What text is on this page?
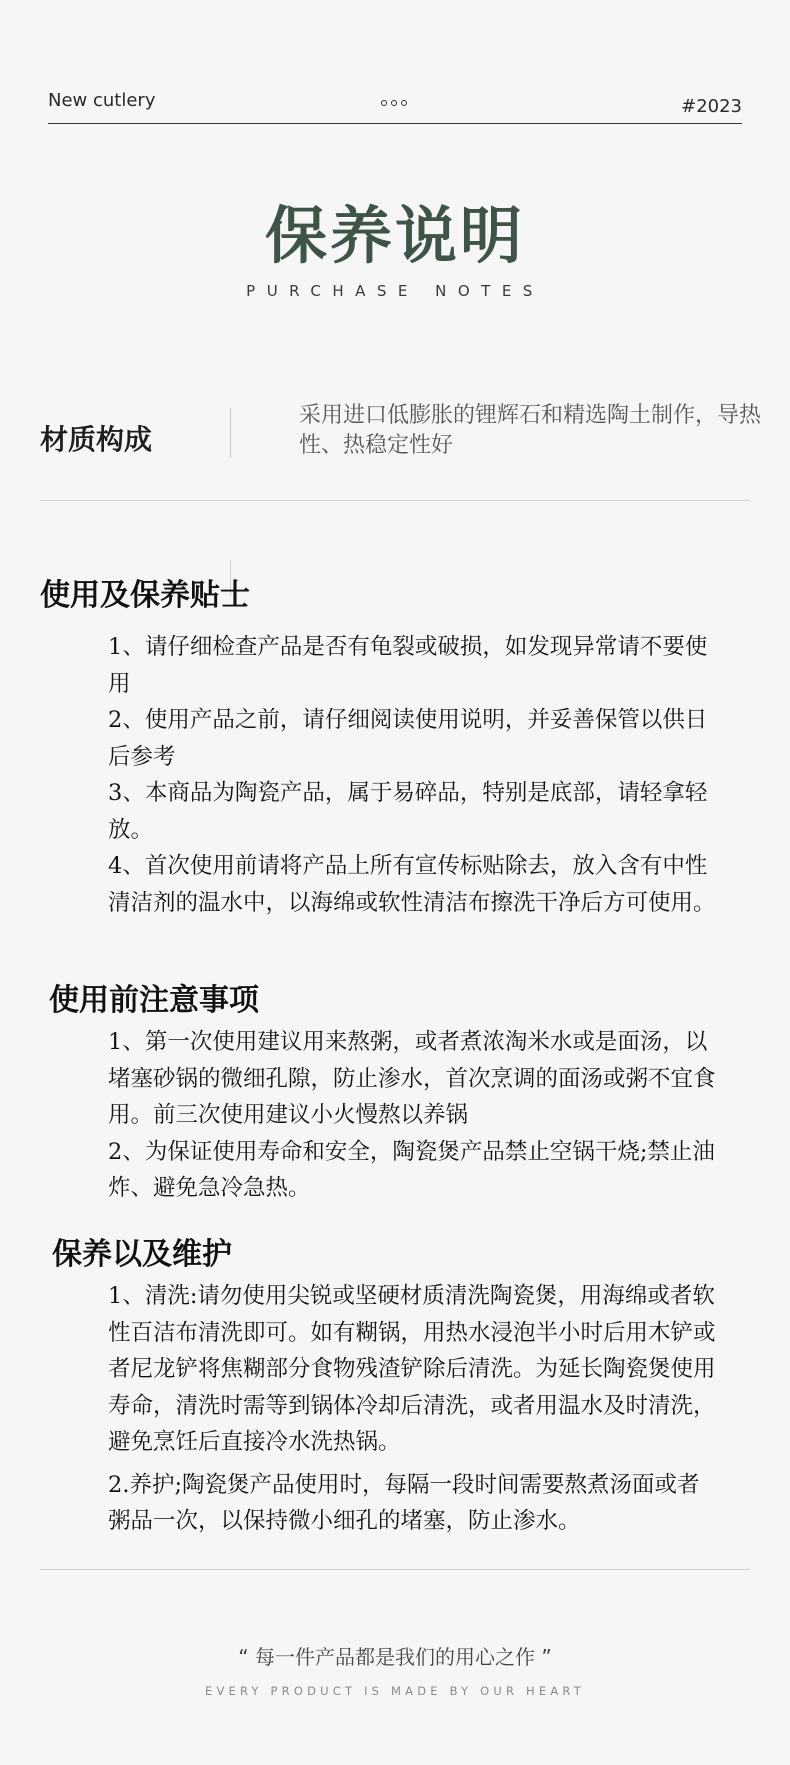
New cutlery	#2023
保养说明
PURCHASE NOTES
材质构成
采用进口低膨胀的锂辉石和精选陶土制作，导热性、热稳定性好
使用及保养贴士

1、请仔细检查产品是否有龟裂或破损，如发现异常请不要使用

2、使用产品之前，请仔细阅读使用说明，并妥善保管以供日后参考

3、本商品为陶瓷产品，属于易碎品，特别是底部，请轻拿轻放。

4、首次使用前请将产品上所有宣传标贴除去，放入含有中性清洁剂的温水中，以海绵或软性清洁布擦洗干净后方可使用。

使用前注意事项

1、第一次使用建议用来熬粥，或者煮浓淘米水或是面汤，以堵塞砂锅的微细孔隙，防止渗水，首次烹调的面汤或粥不宜食用。前三次使用建议小火慢熬以养锅

2、为保证使用寿命和安全，陶瓷煲产品禁止空锅干烧;禁止油炸、避免急冷急热。

保养以及维护

1、清洗:请勿使用尖锐或坚硬材质清洗陶瓷煲，用海绵或者软性百洁布清洗即可。如有糊锅，用热水浸泡半小时后用木铲或者尼龙铲将焦糊部分食物残渣铲除后清洗。为延长陶瓷煲使用寿命，清洗时需等到锅体冷却后清洗，或者用温水及时清洗，避免烹饪后直接冷水洗热锅。

2.养护;陶瓷煲产品使用时，每隔一段时间需要熬煮汤面或者粥品一次，以保持微小细孔的堵塞，防止渗水。

“ 每一件产品都是我们的用心之作 ”
EVERY PRODUCT IS MADE BY OUR HEART
